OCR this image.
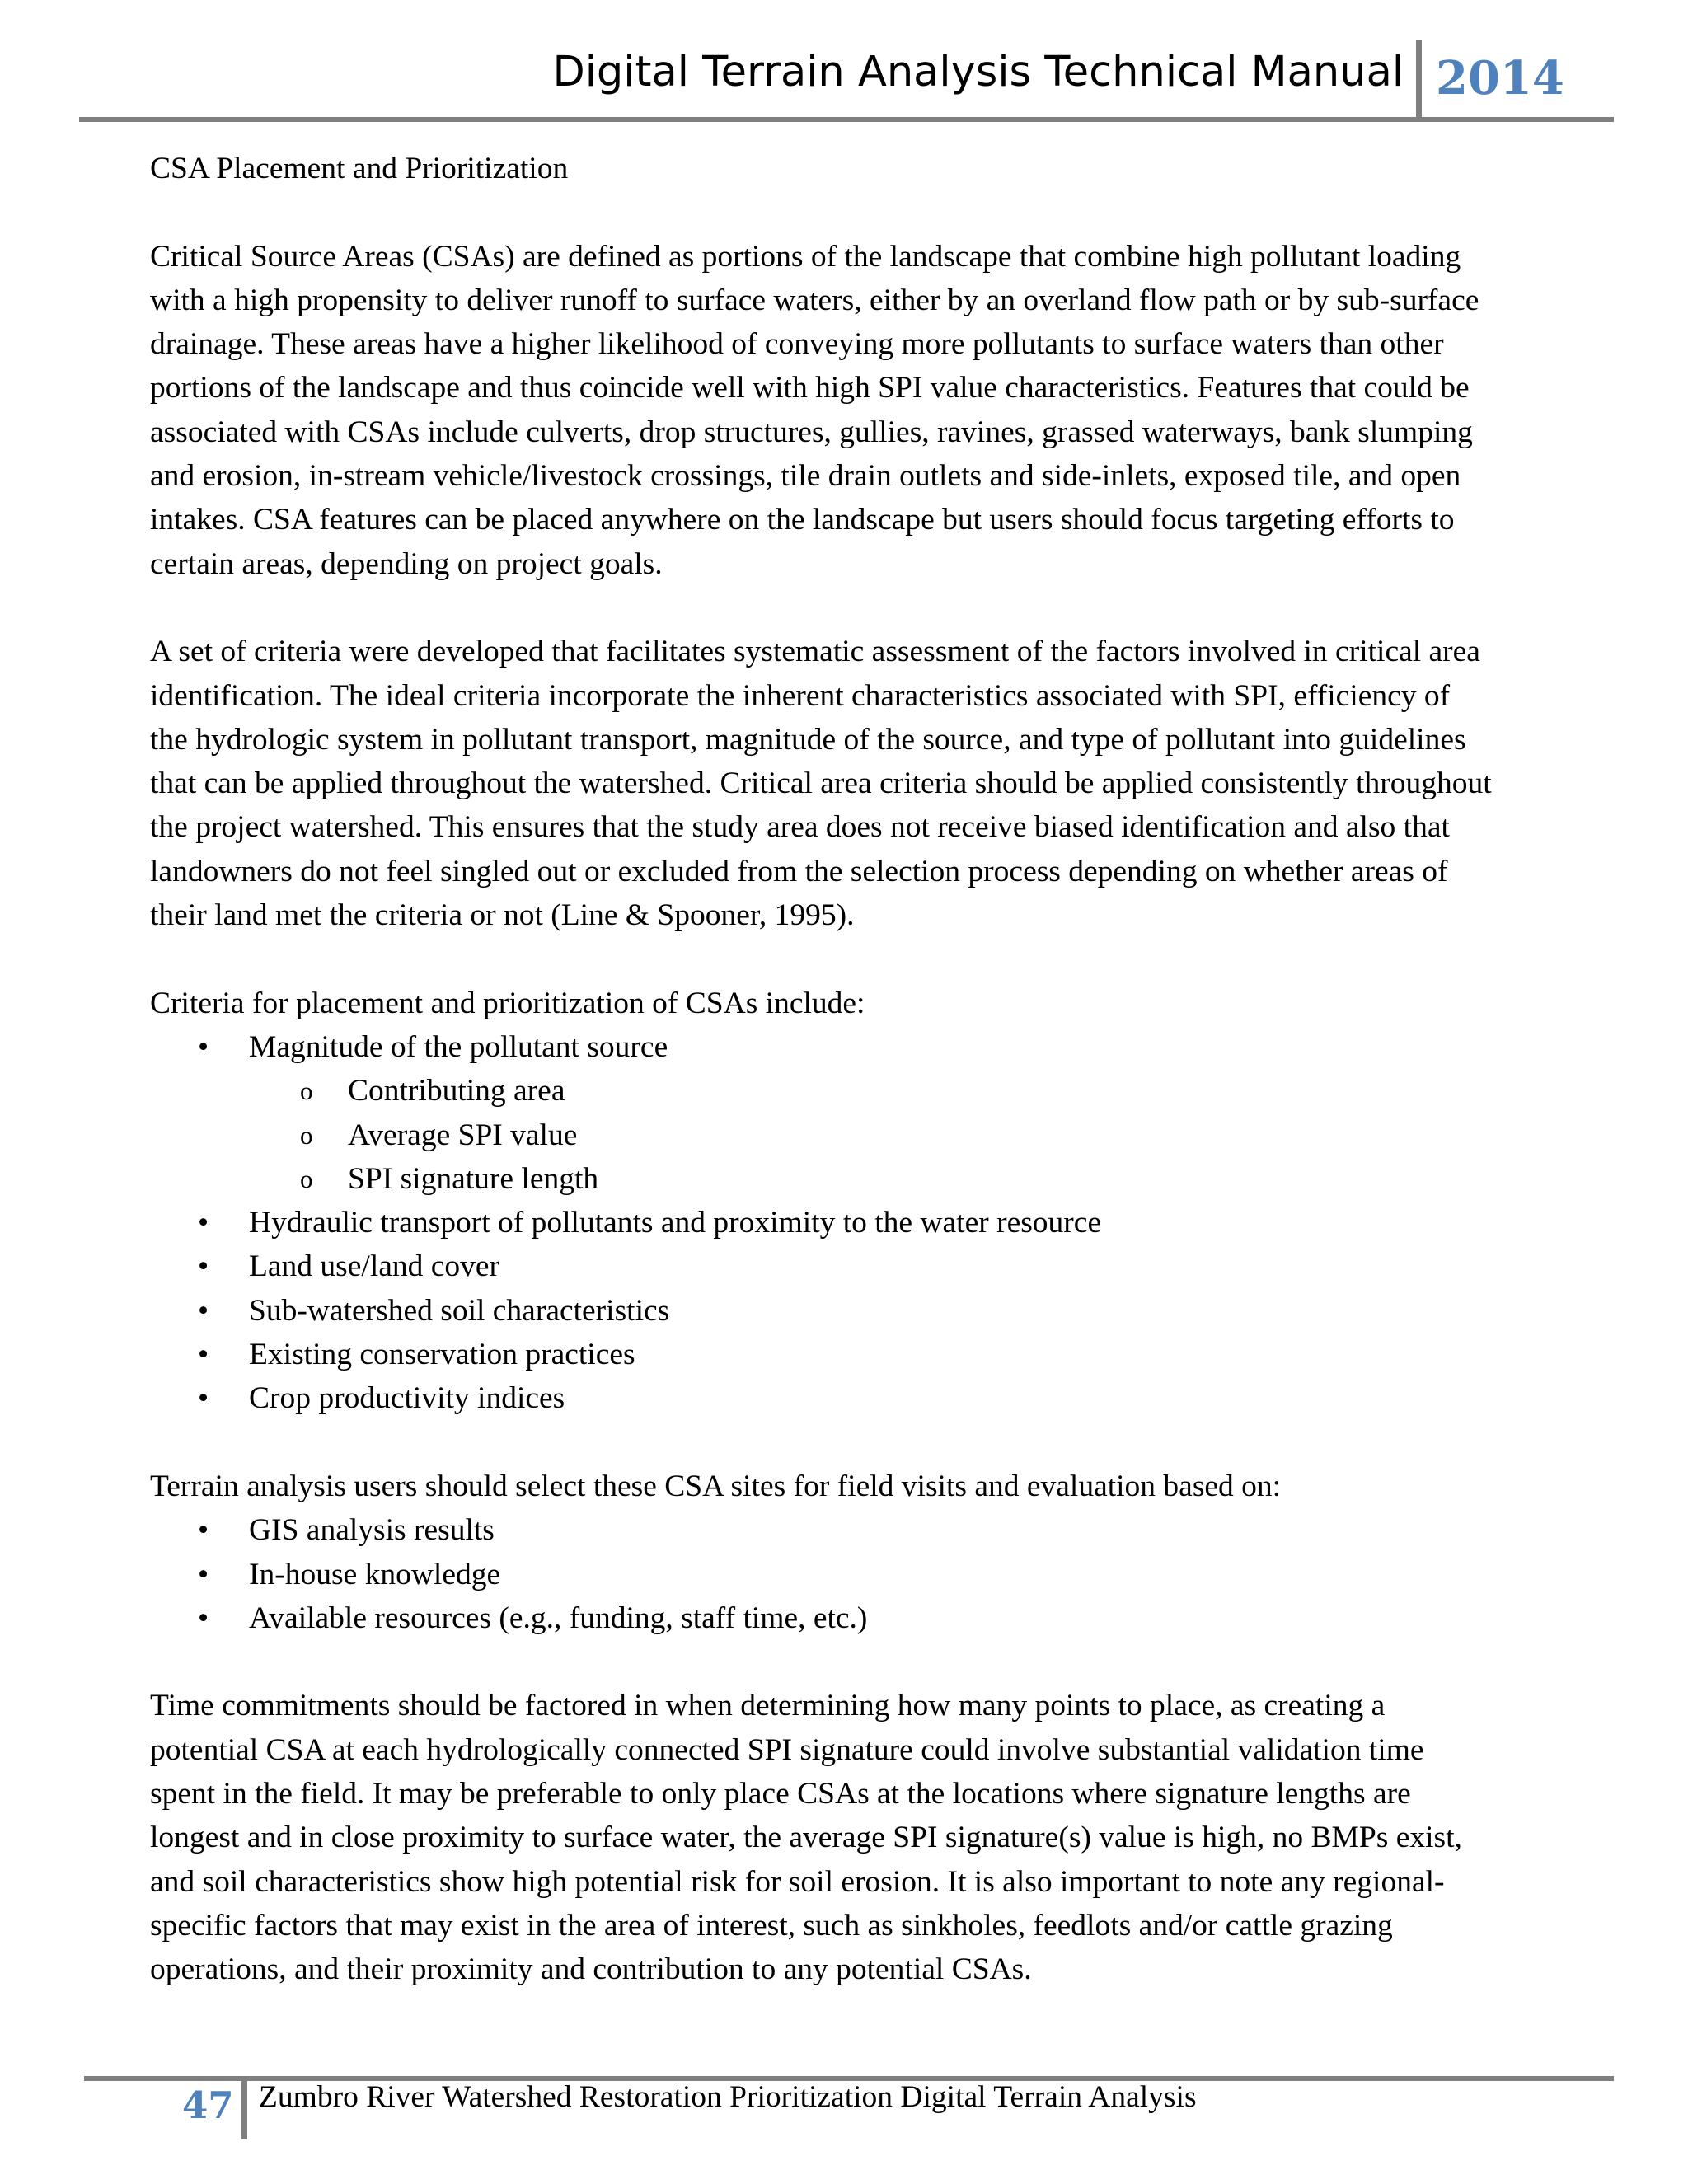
Digital Terrain Analysis Technical Manual 2014

CSA Placement and Prioritization

Critical Source Areas (CSAs) are defined as portions of the landscape that combine high pollutant loading

with a high propensity to deliver runoff to surface waters, either by an overland flow path or by sub-surface

drainage. These areas have a higher likelihood of conveying more pollutants to surface waters than other

portions of the landscape and thus coincide well with high SPI value characteristics. Features that could be

associated with CSAs include culverts, drop structures, gullies, ravines, grassed waterways, bank slumping

and erosion, in-stream vehicle/livestock crossings, tile drain outlets and side-inlets, exposed tile, and open

intakes. CSA features can be placed anywhere on the landscape but users should focus targeting efforts to

certain areas, depending on project goals.

A set of criteria were developed that facilitates systematic assessment of the factors involved in critical area

identification. The ideal criteria incorporate the inherent characteristics associated with SPI, efficiency of

the hydrologic system in pollutant transport, magnitude of the source, and type of pollutant into guidelines

that can be applied throughout the watershed. Critical area criteria should be applied consistently throughout

the project watershed. This ensures that the study area does not receive biased identification and also that

landowners do not feel singled out or excluded from the selection process depending on whether areas of

their land met the criteria or not (Line & Spooner, 1995).

Criteria for placement and prioritization of CSAs include:

• Magnitude of the pollutant source
o Contributing area
o Average SPI value
o SPI signature length
• Hydraulic transport of pollutants and proximity to the water resource
• Land use/land cover
• Sub-watershed soil characteristics
• Existing conservation practices
• Crop productivity indices

Terrain analysis users should select these CSA sites for field visits and evaluation based on:

• GIS analysis results
• In-house knowledge
• Available resources (e.g., funding, staff time, etc.)

Time commitments should be factored in when determining how many points to place, as creating a

potential CSA at each hydrologically connected SPI signature could involve substantial validation time

spent in the field. It may be preferable to only place CSAs at the locations where signature lengths are

longest and in close proximity to surface water, the average SPI signature(s) value is high, no BMPs exist,

and soil characteristics show high potential risk for soil erosion. It is also important to note any regional-

specific factors that may exist in the area of interest, such as sinkholes, feedlots and/or cattle grazing

operations, and their proximity and contribution to any potential CSAs.

47 Zumbro River Watershed Restoration Prioritization Digital Terrain Analysis
